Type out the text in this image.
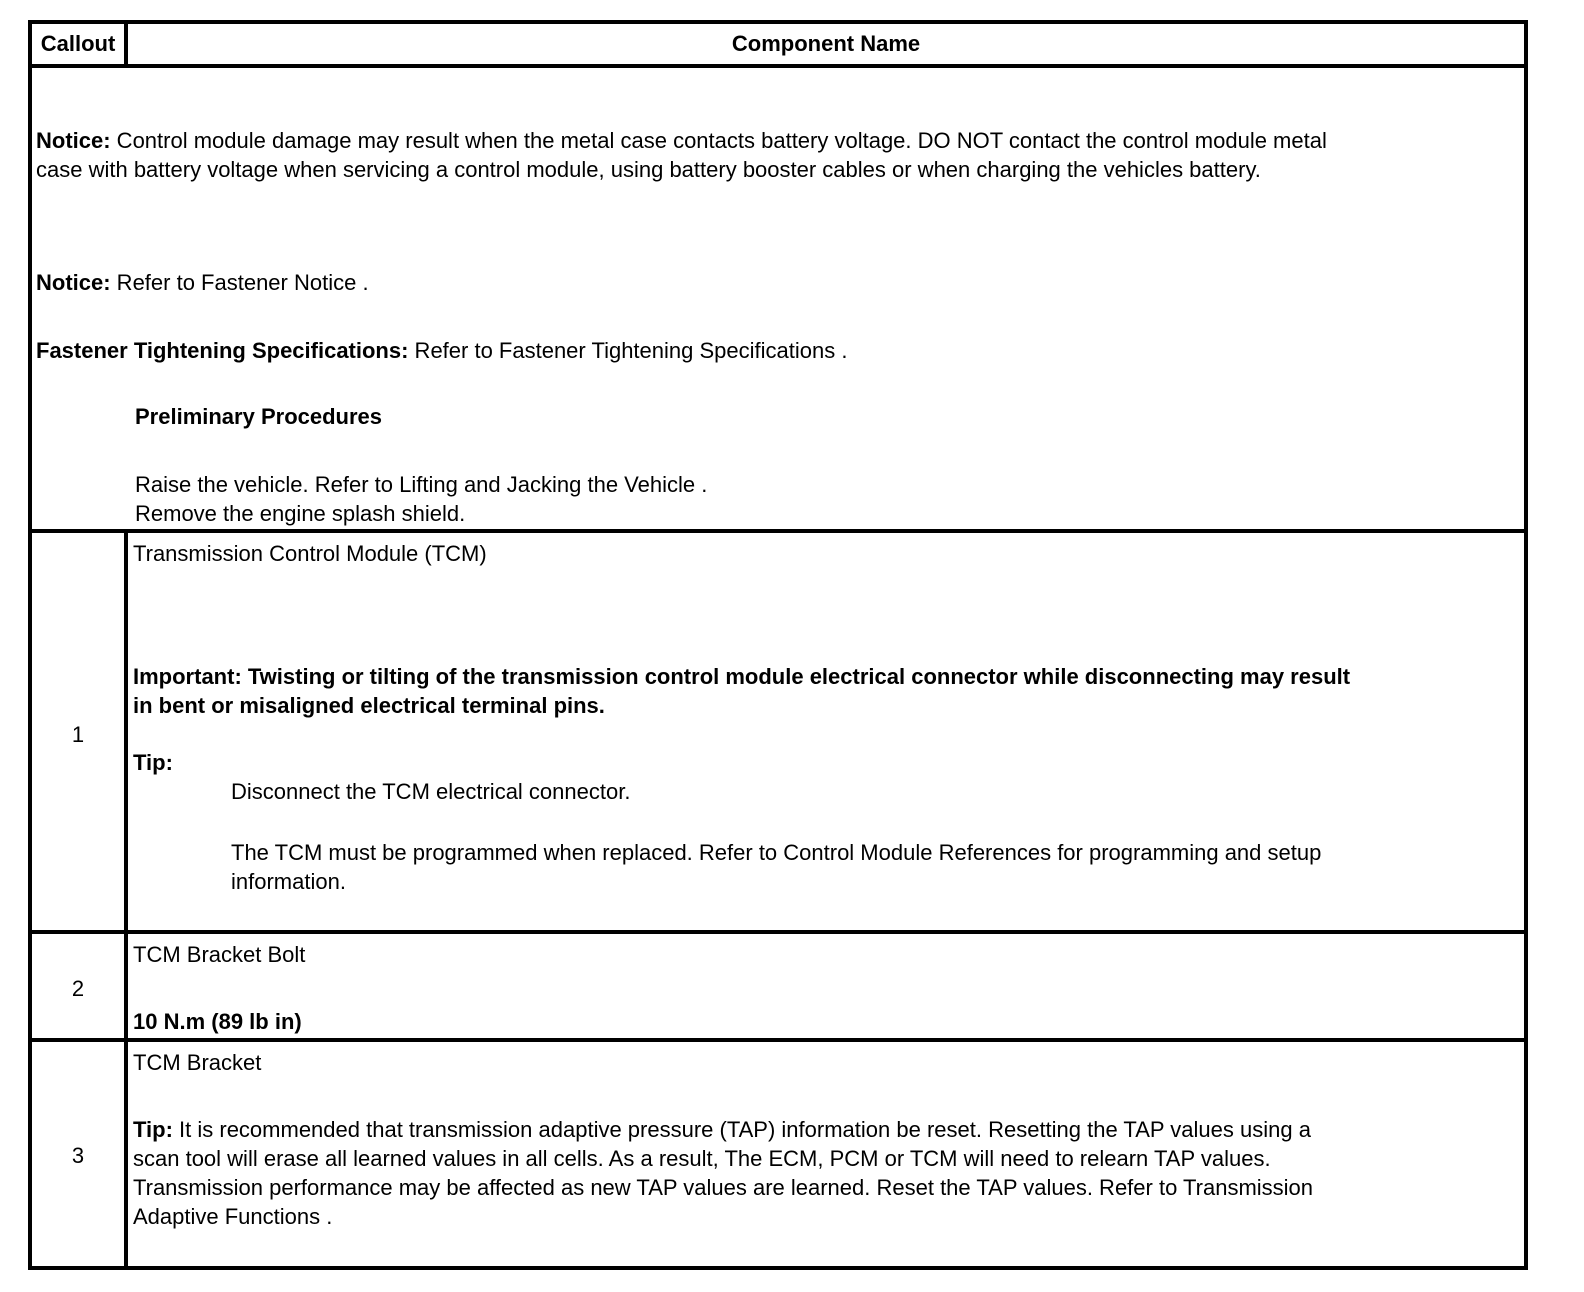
Callout	Component Name
Notice: Control module damage may result when the metal case contacts battery voltage. DO NOT contact the control module metal
case with battery voltage when servicing a control module, using battery booster cables or when charging the vehicles battery.
Notice: Refer to Fastener Notice .
Fastener Tightening Specifications: Refer to Fastener Tightening Specifications .
Preliminary Procedures
Raise the vehicle. Refer to Lifting and Jacking the Vehicle .
Remove the engine splash shield.
1
Transmission Control Module (TCM)
Important: Twisting or tilting of the transmission control module electrical connector while disconnecting may result
in bent or misaligned electrical terminal pins.
Tip:
Disconnect the TCM electrical connector.
The TCM must be programmed when replaced. Refer to Control Module References for programming and setup
information.
2
TCM Bracket Bolt
10 N.m (89 lb in)
3
TCM Bracket
Tip: It is recommended that transmission adaptive pressure (TAP) information be reset. Resetting the TAP values using a
scan tool will erase all learned values in all cells. As a result, The ECM, PCM or TCM will need to relearn TAP values.
Transmission performance may be affected as new TAP values are learned. Reset the TAP values. Refer to Transmission
Adaptive Functions .
